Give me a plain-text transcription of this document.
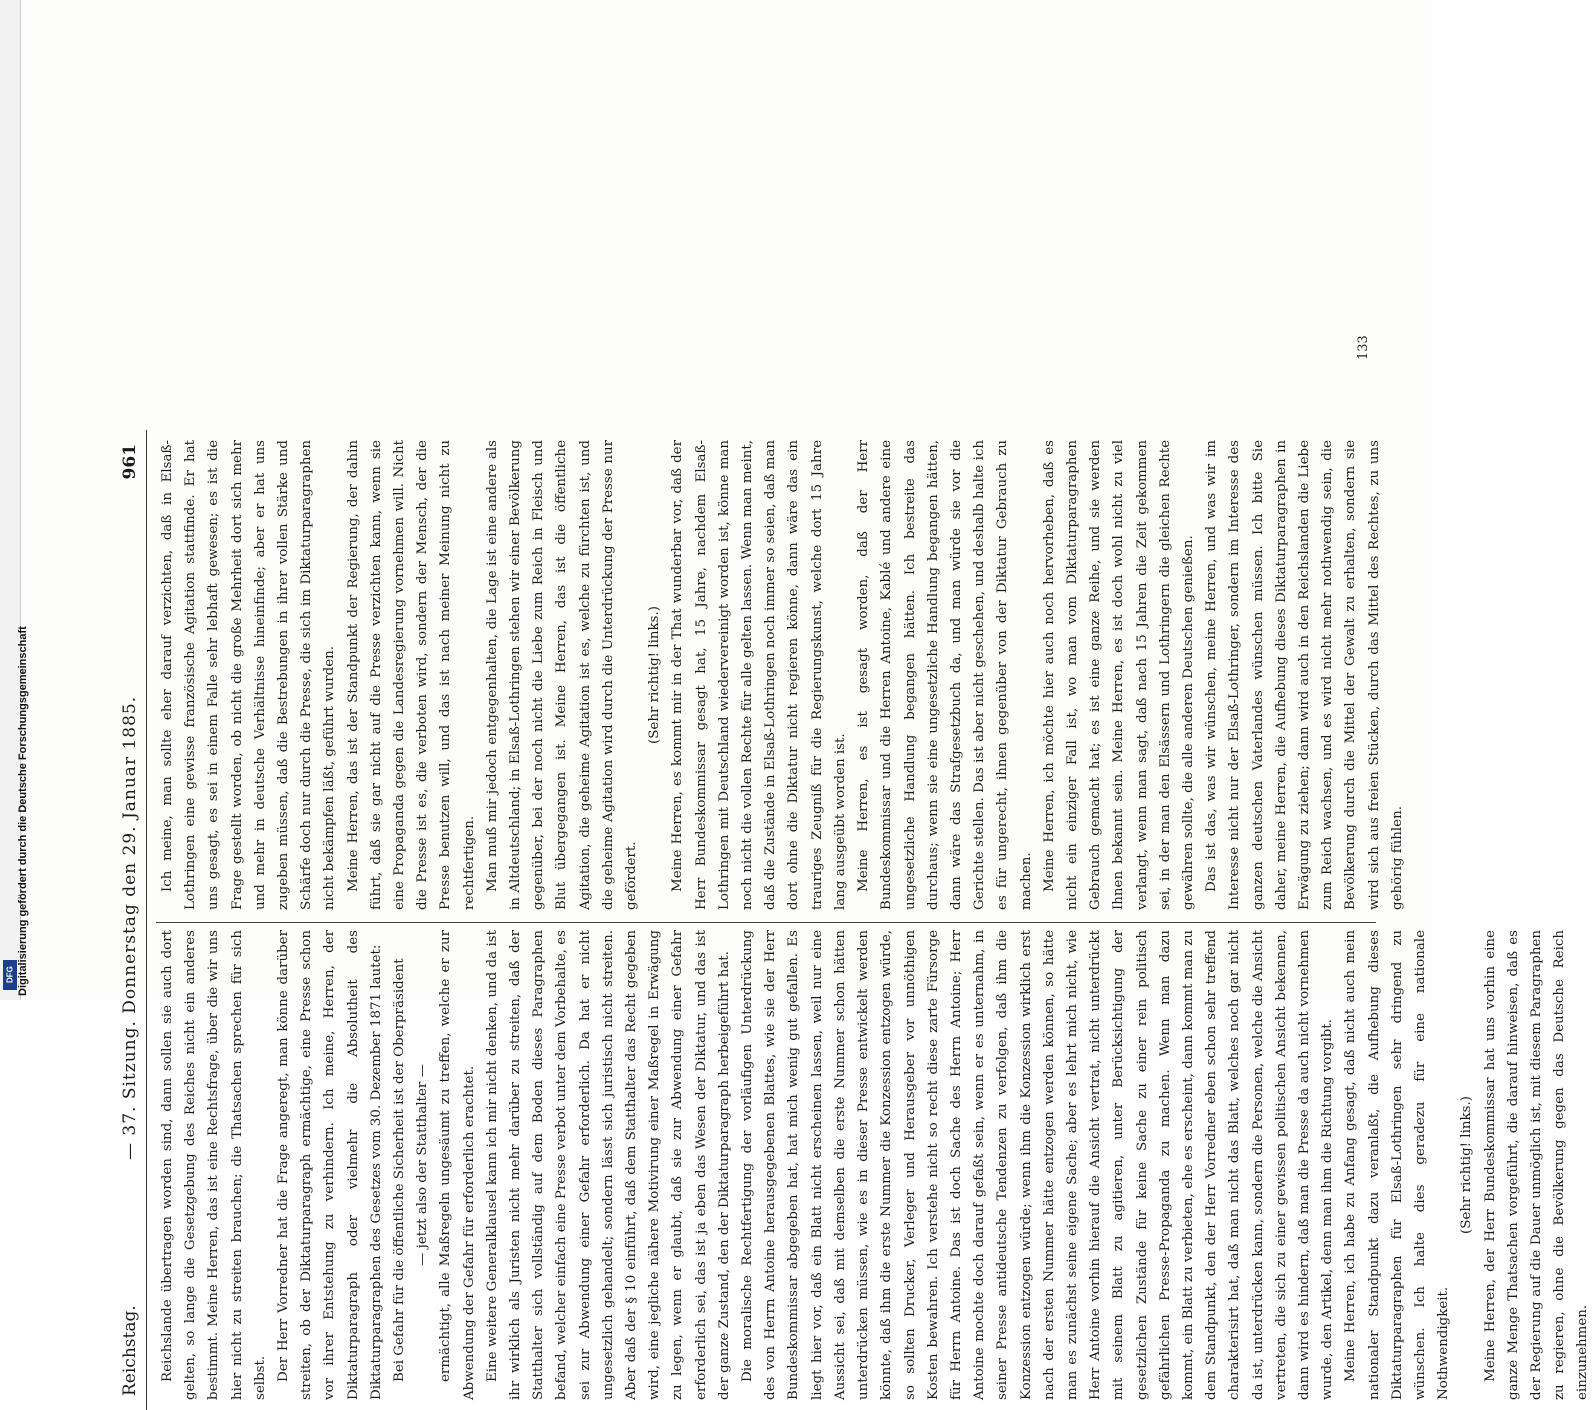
Digitalisierung gefördert durch die Deutsche Forschungsgemeinschaft
DFG
Reichstag.
— 37. Sitzung. Donnerstag den 29. Januar 1885.
961

Reichslande übertragen worden sind, dann sollen sie auch dort gelten, so lange die Gesetzgebung des Reiches nicht ein anderes bestimmt. Meine Herren, das ist eine Rechtsfrage, über die wir uns hier nicht zu streiten brauchen; die Thatsachen sprechen für sich selbst. Der Herr Vorredner hat die Frage angeregt, man könne darüber streiten, ob der Diktaturparagraph ermächtige, eine Presse schon vor ihrer Entstehung zu verhindern. Ich meine, Herren, der Diktaturparagraph oder vielmehr die Absolutheit des Diktaturparagraphen des Gesetzes vom 30. Dezember 1871 lautet: Bei Gefahr für die öffentliche Sicherheit ist der Oberpräsident — jetzt also der Statthalter — ermächtigt, alle Maßregeln ungesäumt zu treffen, welche er zur Abwendung der Gefahr für erforderlich erachtet. Eine weitere Generalklausel kann ich mir nicht denken, und da ist ihr wirklich als Juristen nicht mehr darüber zu streiten, daß der Statthalter sich vollständig auf dem Boden dieses Paragraphen befand, welcher einfach eine Presse verbot unter dem Vorbehalte, es sei zur Abwendung einer Gefahr erforderlich. Da hat er nicht ungesetzlich gehandelt; sondern lässt sich juristisch nicht streiten. Aber daß der § 10 einführt, daß dem Statthalter das Recht gegeben wird, eine jegliche nähere Motivirung einer Maßregel in Erwägung zu legen, wenn er glaubt, daß sie zur Abwendung einer Gefahr erforderlich sei, das ist ja eben das Wesen der Diktatur, und das ist der ganze Zustand, den der Diktaturparagraph herbeigeführt hat. Die moralische Rechtfertigung der vorläufigen Unterdrückung des von Herrn Antoine herausgegebenen Blattes, wie sie der Herr Bundeskommissar abgegeben hat, hat mich wenig gut gefallen. Es liegt hier vor, daß ein Blatt nicht erscheinen lassen, weil nur eine Aussicht sei, daß mit demselben die erste Nummer schon hätten unterdrücken müssen, wie es in dieser Presse entwickelt werden könnte, daß ihm die erste Nummer die Konzession entzogen würde, so sollten Drucker, Verleger und Herausgeber vor unnöthigen Kosten bewahren. Ich verstehe nicht so recht diese zarte Fürsorge für Herrn Antoine. Das ist doch Sache des Herrn Antoine; Herr Antoine mochte doch darauf gefaßt sein, wenn er es unternahm, in seiner Presse antideutsche Tendenzen zu verfolgen, daß ihm die Konzession entzogen würde; wenn ihm die Konzession wirklich erst nach der ersten Nummer hätte entzogen werden können, so hätte man es zunächst seine eigene Sache; aber es lehrt mich nicht, wie Herr Antoine vorhin hierauf die Ansicht vertrat, nicht unterdrückt mit seinem Blatt zu agitieren, unter Berücksichtigung der gesetzlichen Zustände für keine Sache zu einer rein politisch gefährlichen Presse-Propaganda zu machen. Wenn man dazu kommt, ein Blatt zu verbieten, ehe es erscheint, dann kommt man zu dem Standpunkt, den der Herr Vorredner eben schon sehr treffend charakterisirt hat, daß man nicht das Blatt, welches noch gar nicht da ist, unterdrücken kann, sondern die Personen, welche die Ansicht vertreten, die sich zu einer gewissen politischen Ansicht bekennen, dann wird es hindern, daß man die Presse da auch nicht vornehmen wurde, den Artikel, denn man ihm die Richtung vorgibt. Meine Herren, ich habe zu Anfang gesagt, daß nicht auch mein nationaler Standpunkt dazu veranlaßt, die Aufhebung dieses Diktaturparagraphen für Elsaß-Lothringen sehr dringend zu wünschen. Ich halte dies geradezu für eine nationale Nothwendigkeit.

(Sehr richtig! links.) Meine Herren, der Herr Bundeskommissar hat uns vorhin eine ganze Menge Thatsachen vorgeführt, die darauf hinweisen, daß es der Regierung auf die Dauer unmöglich ist, mit diesem Paragraphen zu regieren, ohne die Bevölkerung gegen das Deutsche Reich einzunehmen.

Ich meine, man sollte eher darauf verzichten, daß in Elsaß-Lothringen eine gewisse französische Agitation stattfinde. Er hat uns gesagt, es sei in einem Falle sehr lebhaft gewesen; es ist die Frage gestellt worden, ob nicht die große Mehrheit dort sich mehr und mehr in deutsche Verhältnisse hineinfinde; aber er hat uns zugeben müssen, daß die Bestrebungen in ihrer vollen Stärke und Schärfe doch nur durch die Presse, die sich im Diktaturparagraphen nicht bekämpfen läßt, geführt wurden. Meine Herren, das ist der Standpunkt der Regierung, der dahin führt, daß sie gar nicht auf die Presse verzichten kann, wenn sie eine Propaganda gegen die Landesregierung vornehmen will. Nicht die Presse ist es, die verboten wird, sondern der Mensch, der die Presse benutzen will, und das ist nach meiner Meinung nicht zu rechtfertigen. Man muß mir jedoch entgegenhalten, die Lage ist eine andere als in Altdeutschland; in Elsaß-Lothringen stehen wir einer Bevölkerung gegenüber, bei der noch nicht die Liebe zum Reich in Fleisch und Blut übergegangen ist. Meine Herren, das ist die öffentliche Agitation, die geheime Agitation ist es, welche zu fürchten ist, und die geheime Agitation wird durch die Unterdrückung der Presse nur gefördert.

(Sehr richtig! links.) Meine Herren, es kommt mir in der That wunderbar vor, daß der Herr Bundeskommissar gesagt hat, 15 Jahre, nachdem Elsaß-Lothringen mit Deutschland wiedervereinigt worden ist, könne man noch nicht die vollen Rechte für alle gelten lassen. Wenn man meint, daß die Zustände in Elsaß-Lothringen noch immer so seien, daß man dort ohne die Diktatur nicht regieren könne, dann wäre das ein trauriges Zeugniß für die Regierungskunst, welche dort 15 Jahre lang ausgeübt worden ist. Meine Herren, es ist gesagt worden, daß der Herr Bundeskommissar und die Herren Antoine, Kablé und andere eine ungesetzliche Handlung begangen hätten. Ich bestreite das durchaus; wenn sie eine ungesetzliche Handlung begangen hätten, dann wäre das Strafgesetzbuch da, und man würde sie vor die Gerichte stellen. Das ist aber nicht geschehen, und deshalb halte ich es für ungerecht, ihnen gegenüber von der Diktatur Gebrauch zu machen. Meine Herren, ich möchte hier auch noch hervorheben, daß es nicht ein einziger Fall ist, wo man vom Diktaturparagraphen Gebrauch gemacht hat; es ist eine ganze Reihe, und sie werden Ihnen bekannt sein. Meine Herren, es ist doch wohl nicht zu viel verlangt, wenn man sagt, daß nach 15 Jahren die Zeit gekommen sei, in der man den Elsässern und Lothringern die gleichen Rechte gewähren sollte, die alle anderen Deutschen genießen. Das ist das, was wir wünschen, meine Herren, und was wir im Interesse nicht nur der Elsaß-Lothringer, sondern im Interesse des ganzen deutschen Vaterlandes wünschen müssen. Ich bitte Sie daher, meine Herren, die Aufhebung dieses Diktaturparagraphen in Erwägung zu ziehen; dann wird auch in den Reichslanden die Liebe zum Reich wachsen, und es wird nicht mehr nothwendig sein, die Bevölkerung durch die Mittel der Gewalt zu erhalten, sondern sie wird sich aus freien Stücken, durch das Mittel des Rechtes, zu uns gehörig fühlen.

133
